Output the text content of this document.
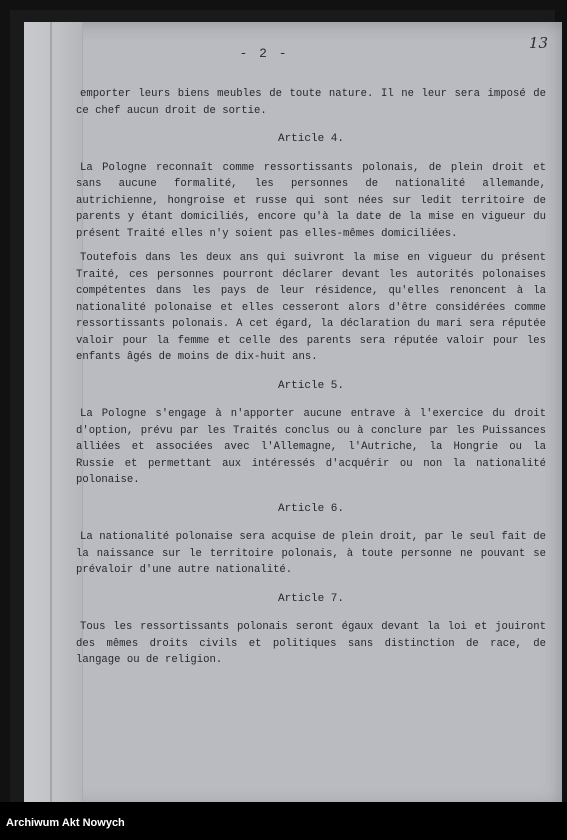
- 2 -
13

emporter leurs biens meubles de toute nature. Il ne leur sera imposé de ce chef aucun droit de sortie.

Article 4.

La Pologne reconnaît comme ressortissants polonais, de plein droit et sans aucune formalité, les personnes de nationalité allemande, autrichienne, hongroise et russe qui sont nées sur ledit territoire de parents y étant domiciliés, encore qu'à la date de la mise en vigueur du présent Traité elles n'y soient pas elles-mêmes domiciliées.

Toutefois dans les deux ans qui suivront la mise en vigueur du présent Traité, ces personnes pourront déclarer devant les autorités polonaises compétentes dans les pays de leur résidence, qu'elles renoncent à la nationalité polonaise et elles cesseront alors d'être considérées comme ressortissants polonais. A cet égard, la déclaration du mari sera réputée valoir pour la femme et celle des parents sera réputée valoir pour les enfants âgés de moins de dix-huit ans.

Article 5.

La Pologne s'engage à n'apporter aucune entrave à l'exercice du droit d'option, prévu par les Traités conclus ou à conclure par les Puissances alliées et associées avec l'Allemagne, l'Autriche, la Hongrie ou la Russie et permettant aux intéressés d'acquérir ou non la nationalité polonaise.

Article 6.

La nationalité polonaise sera acquise de plein droit, par le seul fait de la naissance sur le territoire polonais, à toute personne ne pouvant se prévaloir d'une autre nationalité.

Article 7.

Tous les ressortissants polonais seront égaux devant la loi et jouiront des mêmes droits civils et politiques sans distinction de race, de langage ou de religion.

Archiwum Akt Nowych
